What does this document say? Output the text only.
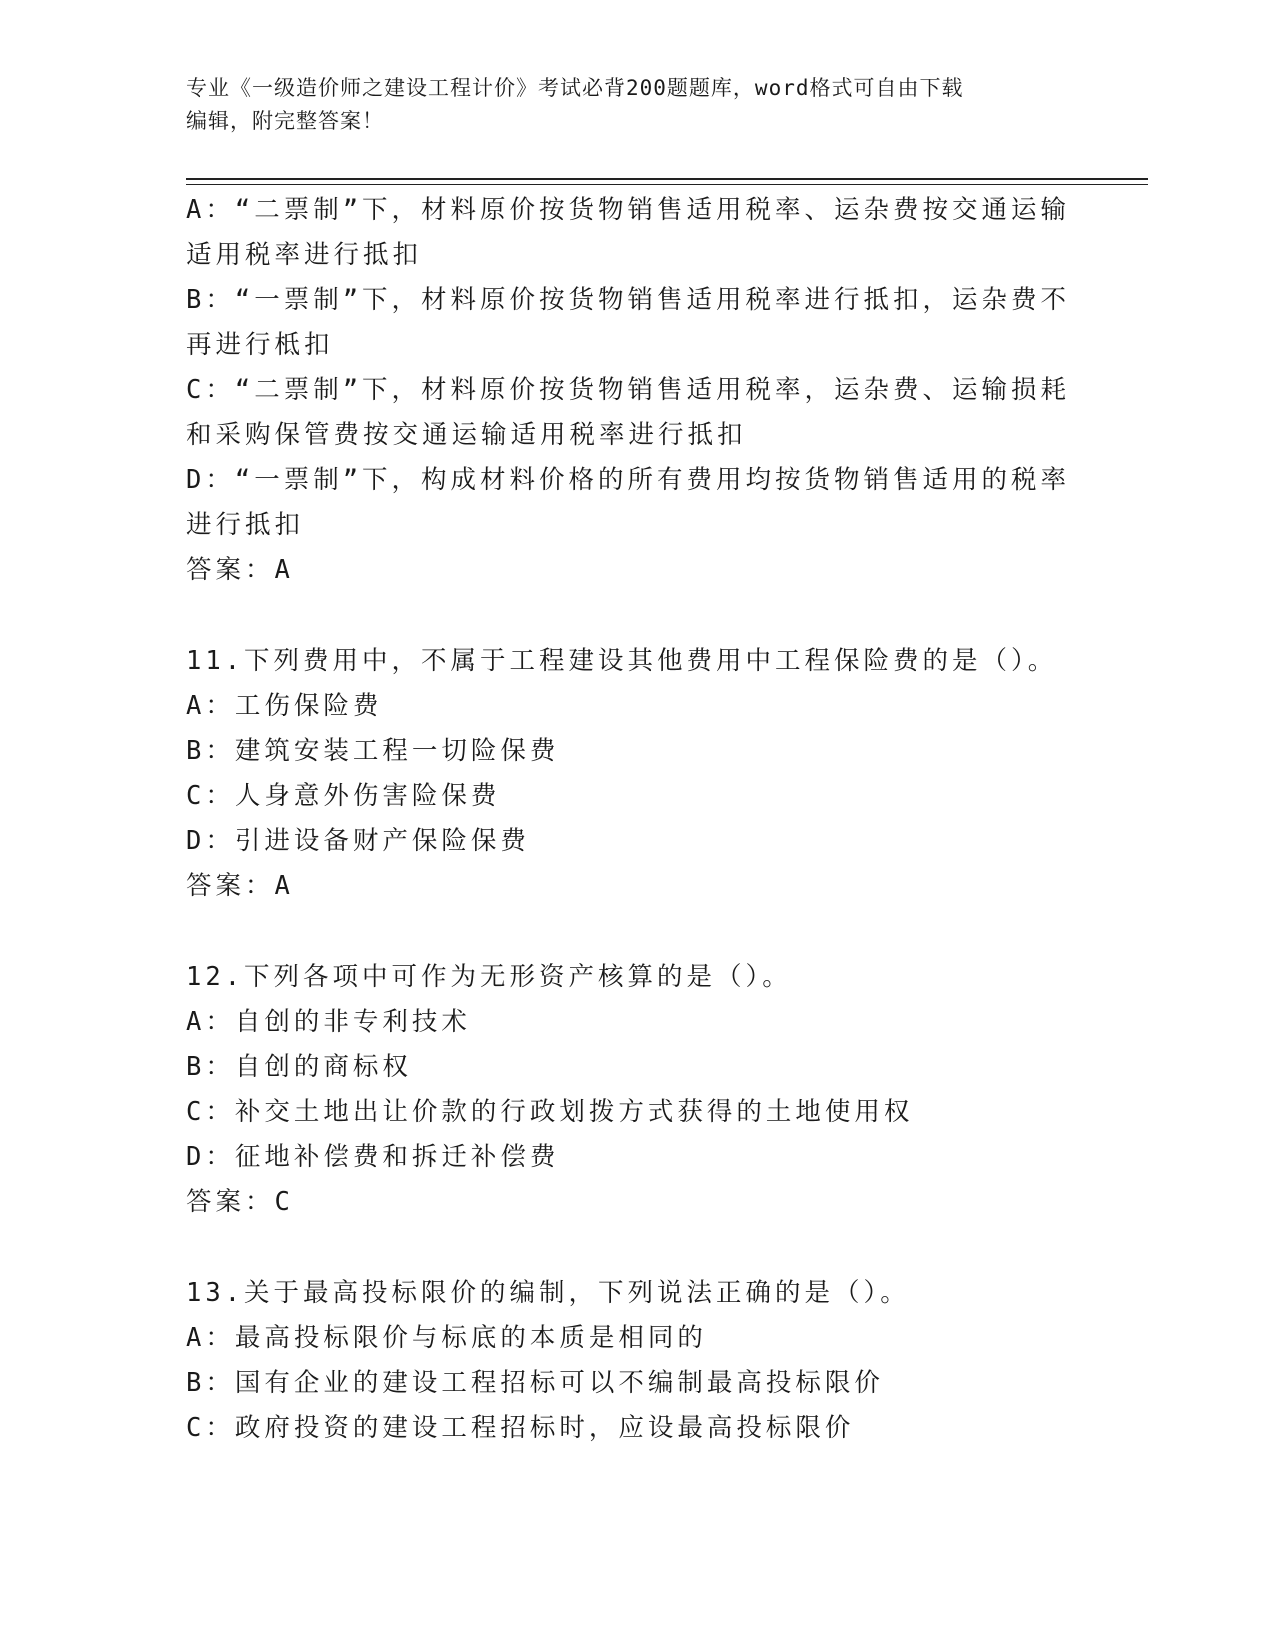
专业《一级造价师之建设工程计价》考试必背200题题库，word格式可自由下载
编辑，附完整答案！
A：“二票制”下，材料原价按货物销售适用税率、运杂费按交通运输
适用税率进行抵扣
B：“一票制”下，材料原价按货物销售适用税率进行抵扣，运杂费不
再进行柢扣
C：“二票制”下，材料原价按货物销售适用税率，运杂费、运输损耗
和采购保管费按交通运输适用税率进行抵扣
D：“一票制”下，构成材料价格的所有费用均按货物销售适用的税率
进行抵扣
答案：A
11.下列费用中，不属于工程建设其他费用中工程保险费的是（）。
A：工伤保险费
B：建筑安装工程一切险保费
C：人身意外伤害险保费
D：引进设备财产保险保费
答案：A
12.下列各项中可作为无形资产核算的是（）。
A：自创的非专利技术
B：自创的商标权
C：补交土地出让价款的行政划拨方式获得的土地使用权
D：征地补偿费和拆迁补偿费
答案：C
13.关于最高投标限价的编制，下列说法正确的是（）。
A：最高投标限价与标底的本质是相同的
B：国有企业的建设工程招标可以不编制最高投标限价
C：政府投资的建设工程招标时，应设最高投标限价
